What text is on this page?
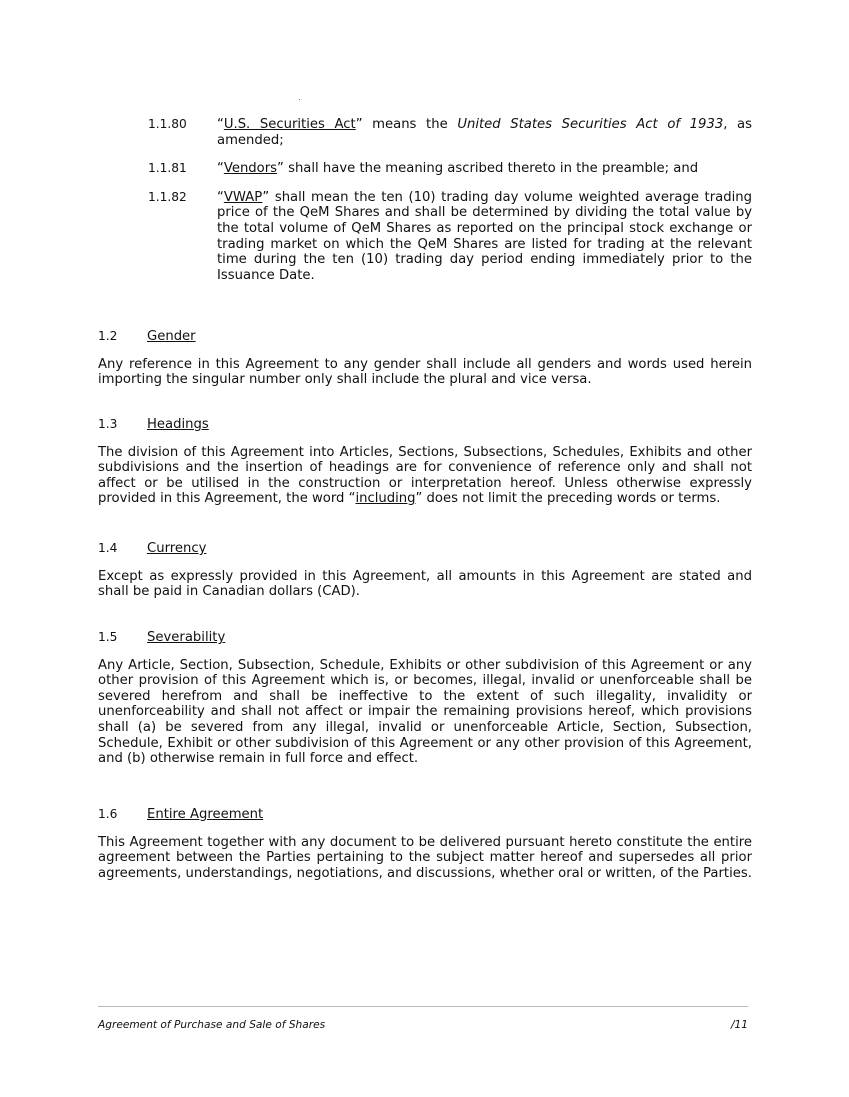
1.1.80	“U.S. Securities Act” means the United States Securities Act of 1933, as amended;
1.1.81	“Vendors” shall have the meaning ascribed thereto in the preamble; and
1.1.82	“VWAP” shall mean the ten (10) trading day volume weighted average trading price of the QeM Shares and shall be determined by dividing the total value by the total volume of QeM Shares as reported on the principal stock exchange or trading market on which the QeM Shares are listed for trading at the relevant time during the ten (10) trading day period ending immediately prior to the Issuance Date.
1.2	Gender
Any reference in this Agreement to any gender shall include all genders and words used herein importing the singular number only shall include the plural and vice versa.
1.3	Headings
The division of this Agreement into Articles, Sections, Subsections, Schedules, Exhibits and other subdivisions and the insertion of headings are for convenience of reference only and shall not affect or be utilised in the construction or interpretation hereof. Unless otherwise expressly provided in this Agreement, the word “including” does not limit the preceding words or terms.
1.4	Currency
Except as expressly provided in this Agreement, all amounts in this Agreement are stated and shall be paid in Canadian dollars (CAD).
1.5	Severability
Any Article, Section, Subsection, Schedule, Exhibits or other subdivision of this Agreement or any other provision of this Agreement which is, or becomes, illegal, invalid or unenforceable shall be severed herefrom and shall be ineffective to the extent of such illegality, invalidity or unenforceability and shall not affect or impair the remaining provisions hereof, which provisions shall (a) be severed from any illegal, invalid or unenforceable Article, Section, Subsection, Schedule, Exhibit or other subdivision of this Agreement or any other provision of this Agreement, and (b) otherwise remain in full force and effect.
1.6	Entire Agreement
This Agreement together with any document to be delivered pursuant hereto constitute the entire agreement between the Parties pertaining to the subject matter hereof and supersedes all prior agreements, understandings, negotiations, and discussions, whether oral or written, of the Parties.
Agreement of Purchase and Sale of Shares	/11
